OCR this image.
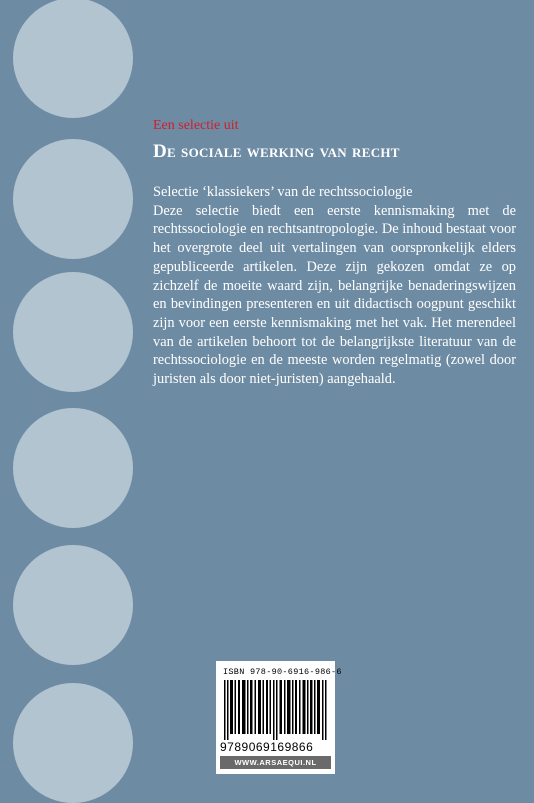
Een selectie uit
De sociale werking van recht

Selectie ‘klassiekers’ van de rechtssociologie

Deze selectie biedt een eerste kennismaking met de rechtssociologie en rechtsantropologie. De inhoud bestaat voor het overgrote deel uit vertalingen van oorspronkelijk elders gepubliceerde artikelen. Deze zijn gekozen omdat ze op zichzelf de moeite waard zijn, belangrijke benaderingswijzen en bevindingen presenteren en uit didactisch oogpunt geschikt zijn voor een eerste kennismaking met het vak. Het merendeel van de artikelen behoort tot de belangrijkste literatuur van de rechtssociologie en de meeste worden regelmatig (zowel door juristen als door niet-juristen) aangehaald.

ISBN 978-90-6916-986-6
9789069169866
WWW.ARSAEQUI.NL
